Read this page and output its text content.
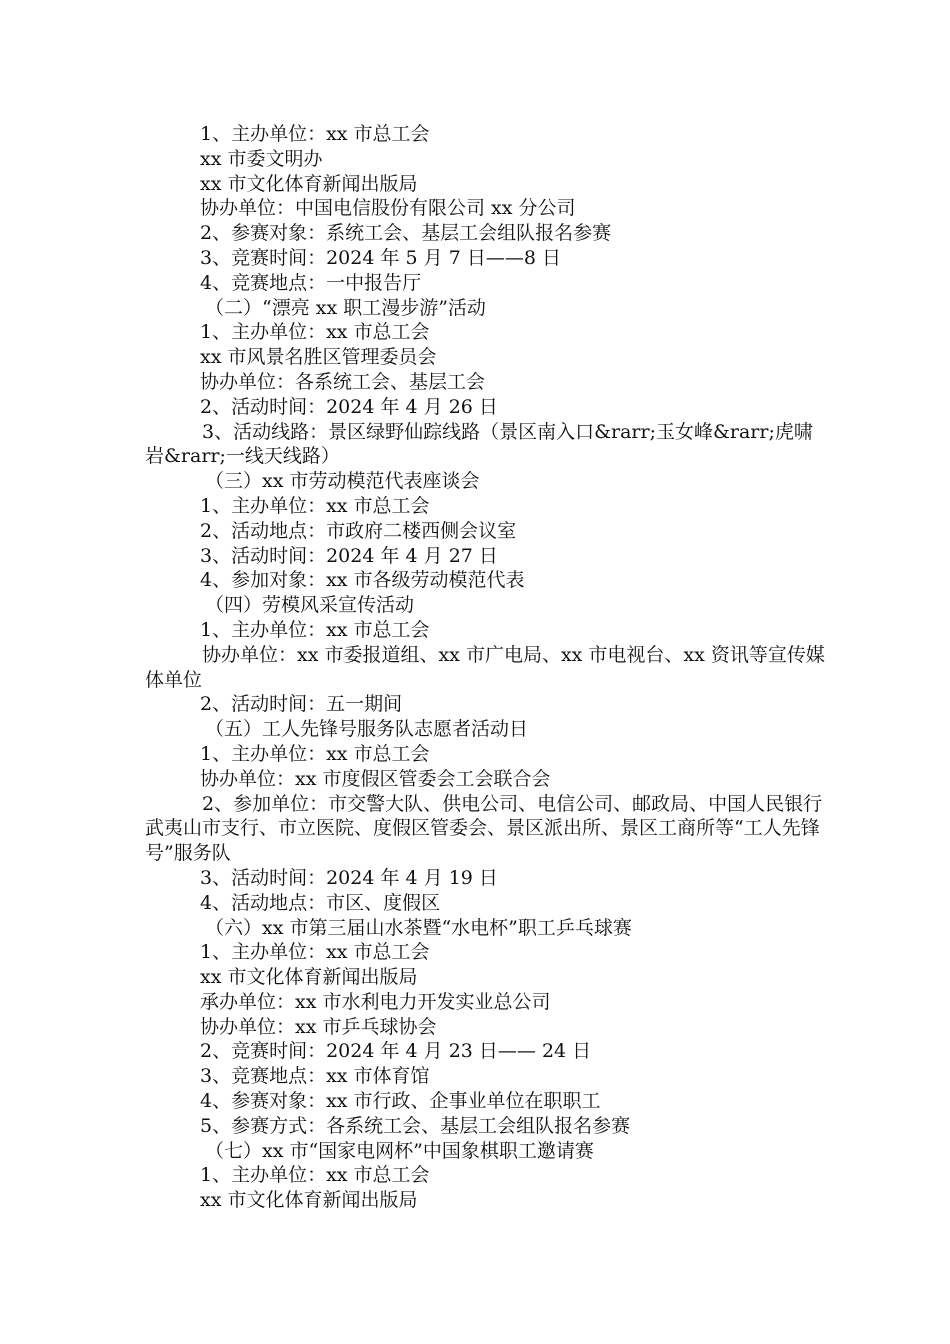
1、主办单位：xx 市总工会
xx 市委文明办
xx 市文化体育新闻出版局
协办单位：中国电信股份有限公司 xx 分公司
2、参赛对象：系统工会、基层工会组队报名参赛
3、竞赛时间：2024 年 5 月 7 日——8 日
4、竞赛地点：一中报告厅
（二）“漂亮 xx 职工漫步游”活动
1、主办单位：xx 市总工会
xx 市风景名胜区管理委员会
协办单位：各系统工会、基层工会
2、活动时间：2024 年 4 月 26 日
3、活动线路：景区绿野仙踪线路（景区南入口&rarr;玉女峰&rarr;虎啸岩&rarr;一线天线路）
（三）xx 市劳动模范代表座谈会
1、主办单位：xx 市总工会
2、活动地点：市政府二楼西侧会议室
3、活动时间：2024 年 4 月 27 日
4、参加对象：xx 市各级劳动模范代表
（四）劳模风采宣传活动
1、主办单位：xx 市总工会
协办单位：xx 市委报道组、xx 市广电局、xx 市电视台、xx 资讯等宣传媒体单位
2、活动时间：五一期间
（五）工人先锋号服务队志愿者活动日
1、主办单位：xx 市总工会
协办单位：xx 市度假区管委会工会联合会
2、参加单位：市交警大队、供电公司、电信公司、邮政局、中国人民银行武夷山市支行、市立医院、度假区管委会、景区派出所、景区工商所等“工人先锋号”服务队
3、活动时间：2024 年 4 月 19 日
4、活动地点：市区、度假区
（六）xx 市第三届山水茶暨“水电杯”职工乒乓球赛
1、主办单位：xx 市总工会
xx 市文化体育新闻出版局
承办单位：xx 市水利电力开发实业总公司
协办单位：xx 市乒乓球协会
2、竞赛时间：2024 年 4 月 23 日—— 24 日
3、竞赛地点：xx 市体育馆
4、参赛对象：xx 市行政、企事业单位在职职工
5、参赛方式：各系统工会、基层工会组队报名参赛
（七）xx 市“国家电网杯”中国象棋职工邀请赛
1、主办单位：xx 市总工会
xx 市文化体育新闻出版局
